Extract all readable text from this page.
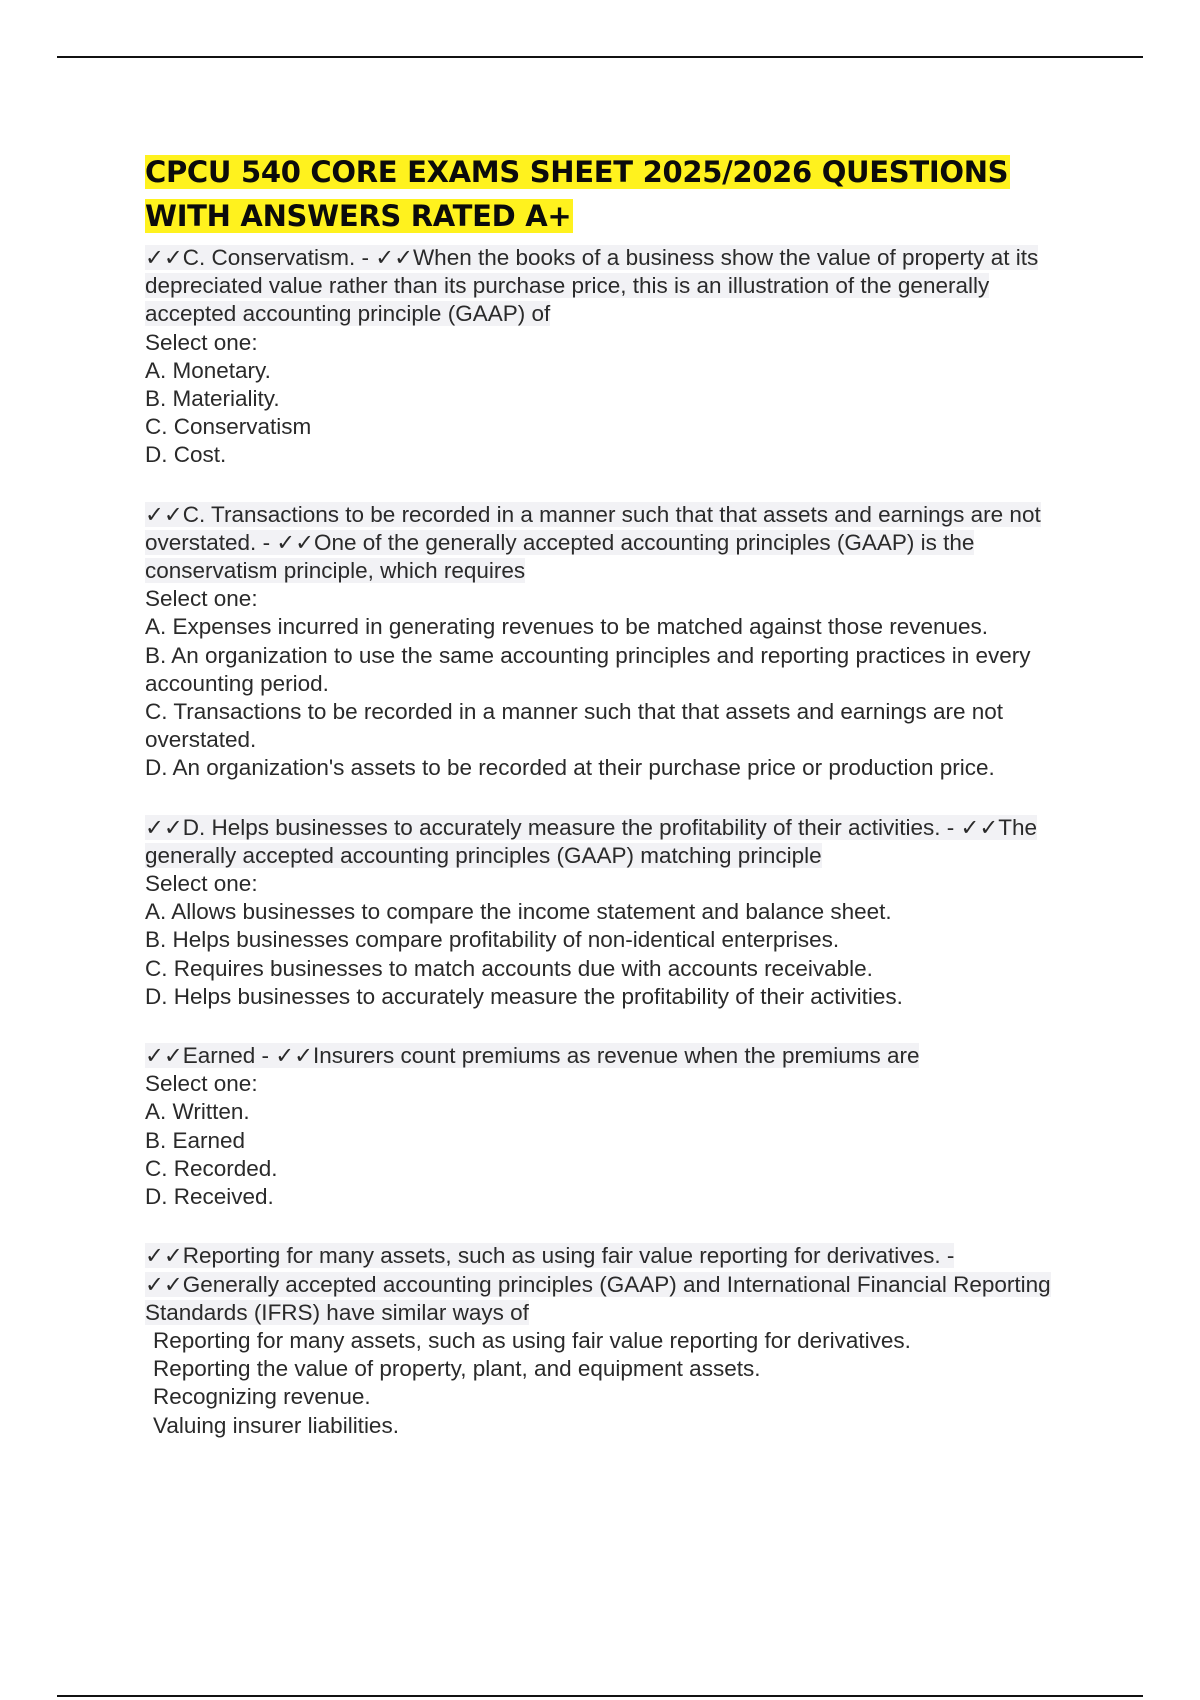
CPCU 540 CORE EXAMS SHEET 2025/2026 QUESTIONS
WITH ANSWERS RATED A+
✓✓C. Conservatism. - ✓✓When the books of a business show the value of property at its depreciated value rather than its purchase price, this is an illustration of the generally accepted accounting principle (GAAP) of
Select one:
A. Monetary.
B. Materiality.
C. Conservatism
D. Cost.
✓✓C. Transactions to be recorded in a manner such that that assets and earnings are not overstated. - ✓✓One of the generally accepted accounting principles (GAAP) is the conservatism principle, which requires
Select one:
A. Expenses incurred in generating revenues to be matched against those revenues.
B. An organization to use the same accounting principles and reporting practices in every accounting period.
C. Transactions to be recorded in a manner such that that assets and earnings are not overstated.
D. An organization's assets to be recorded at their purchase price or production price.
✓✓D. Helps businesses to accurately measure the profitability of their activities. - ✓✓The generally accepted accounting principles (GAAP) matching principle
Select one:
A. Allows businesses to compare the income statement and balance sheet.
B. Helps businesses compare profitability of non-identical enterprises.
C. Requires businesses to match accounts due with accounts receivable.
D. Helps businesses to accurately measure the profitability of their activities.
✓✓Earned - ✓✓Insurers count premiums as revenue when the premiums are
Select one:
A. Written.
B. Earned
C. Recorded.
D. Received.
✓✓Reporting for many assets, such as using fair value reporting for derivatives. - ✓✓Generally accepted accounting principles (GAAP) and International Financial Reporting Standards (IFRS) have similar ways of
Reporting for many assets, such as using fair value reporting for derivatives.
Reporting the value of property, plant, and equipment assets.
Recognizing revenue.
Valuing insurer liabilities.
